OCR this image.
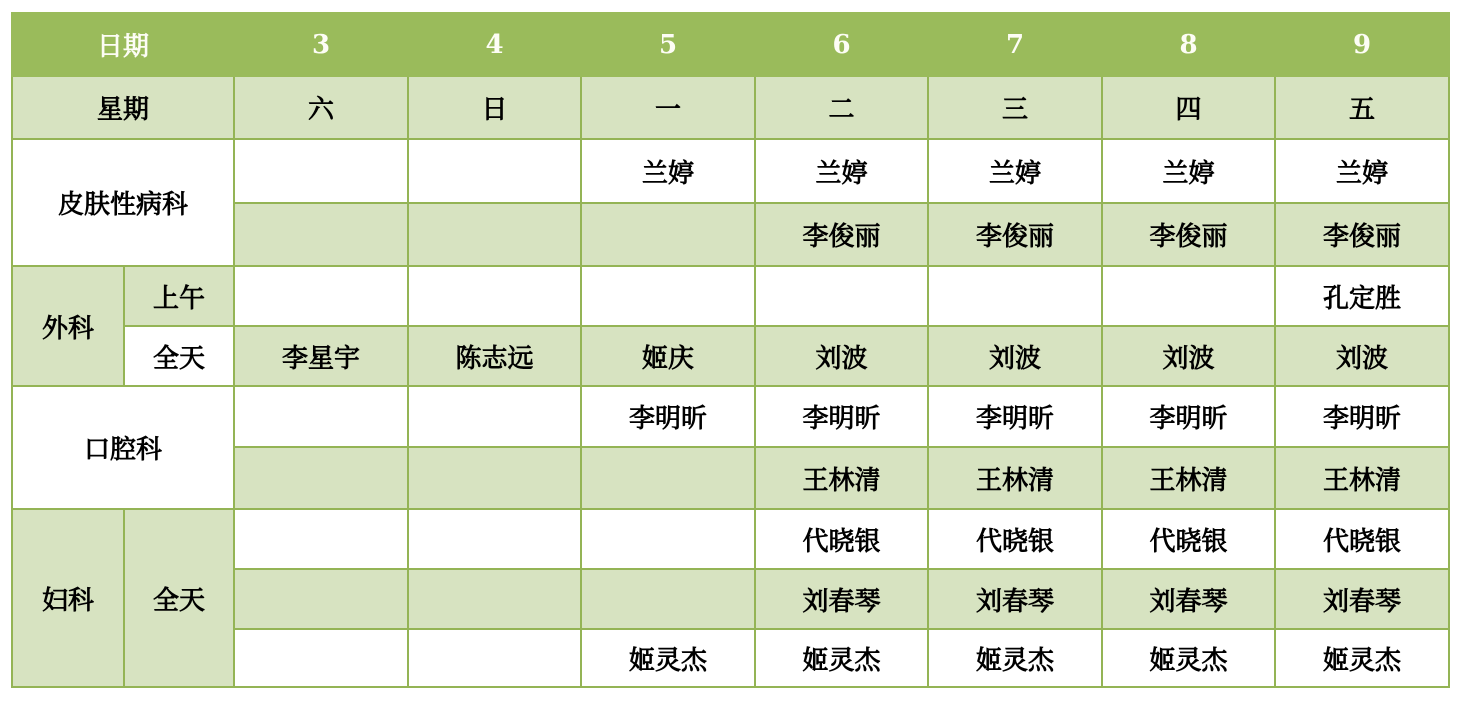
日期		3	4	5	6	7	8	9
星期		六	日	一	二	三	四	五
皮肤性病科				兰婷	兰婷	兰婷	兰婷	兰婷
					李俊丽	李俊丽	李俊丽	李俊丽
外科	上午							孔定胜
	全天	李星宇	陈志远	姬庆	刘波	刘波	刘波	刘波
口腔科				李明昕	李明昕	李明昕	李明昕	李明昕
					王林清	王林清	王林清	王林清
妇科	全天				代晓银	代晓银	代晓银	代晓银
					刘春琴	刘春琴	刘春琴	刘春琴
				姬灵杰	姬灵杰	姬灵杰	姬灵杰	姬灵杰
